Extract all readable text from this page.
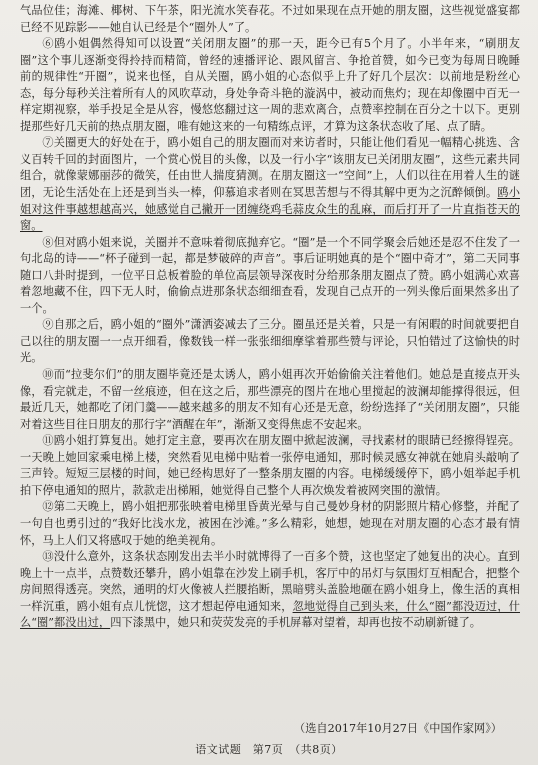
气品位佳；海滩、椰树、下午茶，阳光流水笑春花。不过如果现在点开她的朋友圈，这些视觉盛宴都已经不见踪影——她自认已经是个“圈外人”了。

⑥鸥小姐偶然得知可以设置“关闭朋友圈”的那一天，距今已有5个月了。小半年来，“刷朋友圈”这个事儿逐渐变得拎持而精简，曾经的速播评论、跟风留言、争抢首赞，如今已变为每周日晚睡前的规律性“开圈”，说来也怪，自从关圈，鸥小姐的心态似乎上升了好几个层次：以前地是粉丝心态，每分每秒关注着所有人的风吹草动，身处争奇斗艳的漩涡中，被动而焦灼；现在却像圈中百无一样定期视察，举手投足全是从容，慢悠悠翻过这一周的悲欢离合，点赞率控制在百分之十以下。更别提那些好几天前的热点朋友圈，唯有她这来的一句精练点评，才算为这条状态收了尾、点了睛。

⑦关圈更大的好处在于，鸥小姐自己的朋友圈而对来访者时，只能让他们看见一幅精心挑选、含义百转千回的封面图片，一个赏心悦目的头像，以及一行小字“该朋友已关闭朋友圈”，这些元素共同组合，就像蒙娜丽莎的微笑，任由世人揣度猜测。在朋友圈这一“空间”上，人们以往在用着人生的谜团，无论生活处在上还是到当头一棒，仰慕追求者则在冥思苦想与不得其解中更为之沉醉倾倒。鸥小姐对这件事越想越高兴，她感觉自己撇开一团缠绕鸡毛蒜皮众生的乱麻，而后打开了一片直指苍天的窗。

⑧但对鸥小姐来说，关圈并不意味着彻底抛弃它。“圈”是一个不同学聚会后她还是忍不住发了一句北岛的诗——“杯子碰到一起，都是梦破碎的声音”。事后证明她真的是个“圈中奇才”，第二天同事随口八卦时提到，一位平日总板着脸的单位高层领导深夜时分给那条朋友圈点了赞。鸥小姐满心欢喜着忽地藏不住，四下无人时，偷偷点进那条状态细细查看，发现自己点开的一列头像后面果然多出了一个。

⑨自那之后，鸥小姐的“圈外”潇洒姿减去了三分。圈虽还是关着，只是一有闲暇的时间就要把自己以往的朋友圈一一点开细看，像数钱一样一张张细细摩挲着那些赞与评论，只怕错过了这愉快的时光。

⑩而“拉斐尔们”的朋友圈毕竟还是太诱人，鸥小姐再次开始偷偷关注着他们。她总是直接点开头像，看完就走，不留一丝痕迹，但在这之后，那些漂亮的图片在地心里搅起的波澜却能撑得很远，但最近几天，她都吃了闭门羹——越来越多的朋友不知有心还是无意，纷纷选择了“关闭朋友圈”，只能对着这些目往日朋友的那行字“酒醒在年”，渐渐又变得焦虑不安起来。

⑪鸥小姐打算复出。她打定主意，要再次在朋友圈中掀起波澜，寻找素材的眼睛已经擦得锃亮。一天晚上她回家乘电梯上楼，突然看见电梯中贴着一张停电通知，那时候灵感女神就在她肩头敲响了三声铃。短短三层楼的时间，她已经构思好了一整条朋友圈的内容。电梯缓缓停下，鸥小姐举起手机拍下停电通知的照片，款款走出梯厢，她觉得自己整个人再次焕发着被网突围的激情。

⑫第二天晚上，鸥小姐把那张映着电梯里昏黄光晕与自己曼妙身材的阴影照片精心修整，并配了一句自也勇引过的“我好比浅水龙，被困在沙滩。”多么精彩，她想，她现在对朋友圈的心态才最有情怀，马上人们又将感叹于她的绝美视角。

⑬没什么意外，这条状态刚发出去半小时就博得了一百多个赞，这也坚定了她复出的决心。直到晚上十一点半，点赞数还攀升，鸥小姐靠在沙发上刷手机，客厅中的吊灯与氛围灯互相配合，把整个房间照得透亮。突然，通明的灯火像被人拦腰掐断，黑暗劈头盖脸地砸在鸥小姐身上，像生活的真相一样沉重，鸥小姐有点儿恍惚，这才想起停电通知来，忽地觉得自己到头来，什么“圈”都没迈过，什么“圈”都没出过，四下漆黑中，她只和荧荧发亮的手机屏幕对望着，却再也按不动刷新键了。

（选自2017年10月27日《中国作家网》）
语文试题　第7页　（共8页）
